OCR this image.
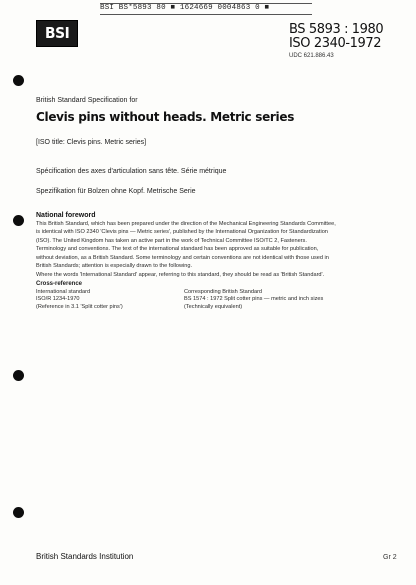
BSI BS*5893 80 ■ 1624669 0004863 0 ■
BSI	BS 5893 : 1980
ISO 2340-1972
UDC 621.886.43

British Standard Specification for

Clevis pins without heads. Metric series

[ISO title: Clevis pins. Metric series]

Spécification des axes d'articulation sans tête. Série métrique

Spezifikation für Bolzen ohne Kopf. Metrische Serie

National foreword

This British Standard, which has been prepared under the direction of the Mechanical Engineering Standards Committee,

is identical with ISO 2340 'Clevis pins — Metric series', published by the International Organization for Standardization

(ISO). The United Kingdom has taken an active part in the work of Technical Committee ISO/TC 2, Fasteners.

Terminology and conventions. The text of the international standard has been approved as suitable for publication,

without deviation, as a British Standard. Some terminology and certain conventions are not identical with those used in

British Standards; attention is especially drawn to the following.

Where the words 'International Standard' appear, referring to this standard, they should be read as 'British Standard'.

Cross-reference
International standard	Corresponding British Standard
ISO/R 1234-1970	BS 1574 : 1972 Split cotter pins — metric and inch sizes
(Reference in 3.1 'Split cotter pins')	(Technically equivalent)
British Standards Institution	Gr 2
